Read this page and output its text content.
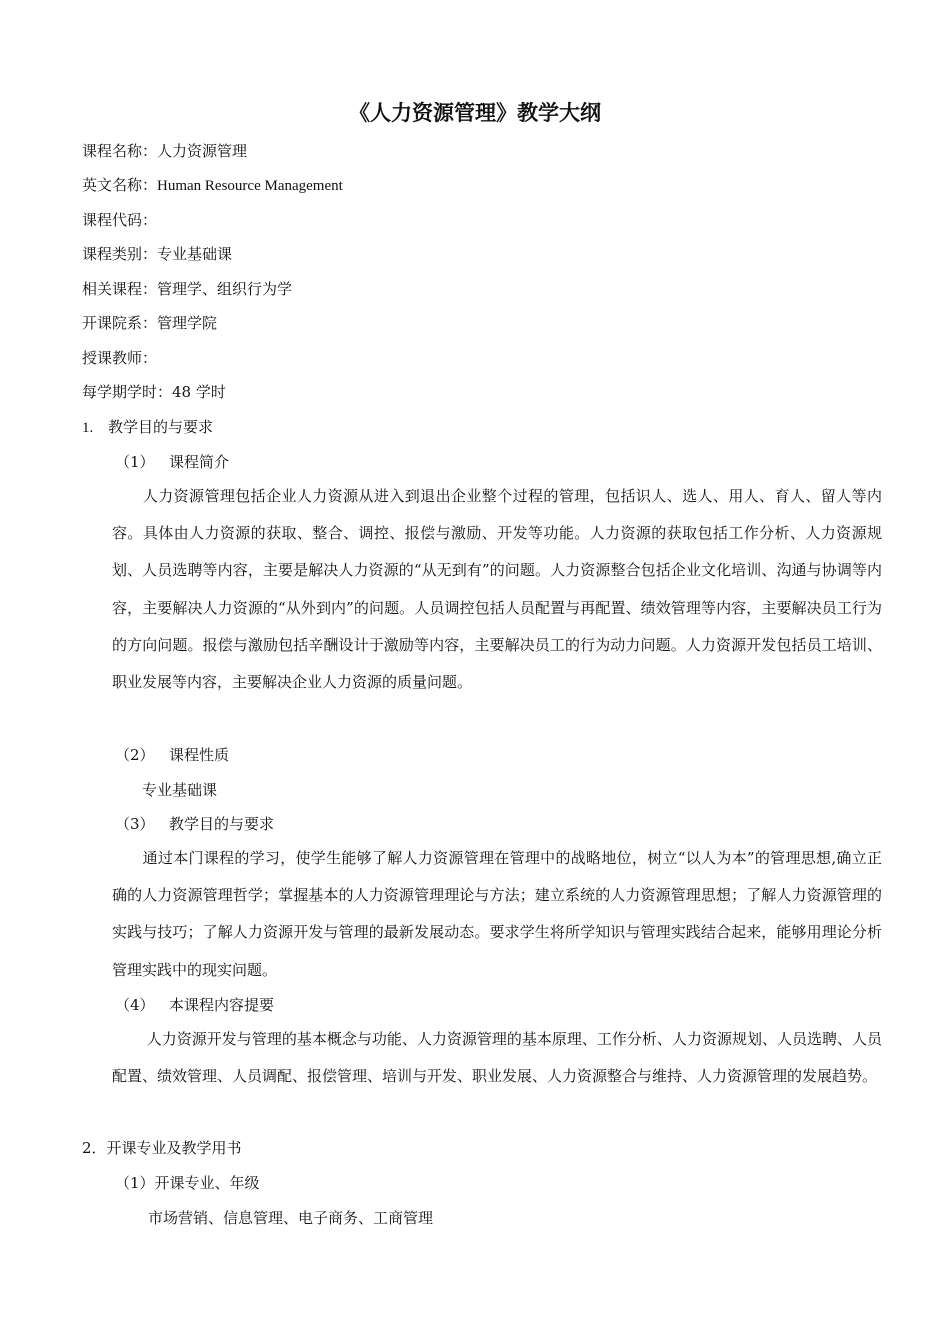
《人力资源管理》教学大纲
课程名称：人力资源管理
英文名称：Human Resource Management
课程代码：
课程类别：专业基础课
相关课程：管理学、组织行为学
开课院系：管理学院
授课教师：
每学期学时：48 学时
1. 教学目的与要求
（1） 课程简介

　　人力资源管理包括企业人力资源从进入到退出企业整个过程的管理，包括识人、选人、用人、育人、留人等内容。具体由人力资源的获取、整合、调控、报偿与激励、开发等功能。人力资源的获取包括工作分析、人力资源规划、人员选聘等内容，主要是解决人力资源的“从无到有”的问题。人力资源整合包括企业文化培训、沟通与协调等内容，主要解决人力资源的“从外到内”的问题。人员调控包括人员配置与再配置、绩效管理等内容，主要解决员工行为的方向问题。报偿与激励包括辛酬设计于激励等内容，主要解决员工的行为动力问题。人力资源开发包括员工培训、职业发展等内容，主要解决企业人力资源的质量问题。

（2） 课程性质
专业基础课
（3） 教学目的与要求

　　通过本门课程的学习，使学生能够了解人力资源管理在管理中的战略地位，树立“以人为本”的管理思想,确立正确的人力资源管理哲学；掌握基本的人力资源管理理论与方法；建立系统的人力资源管理思想；了解人力资源管理的实践与技巧；了解人力资源开发与管理的最新发展动态。要求学生将所学知识与管理实践结合起来，能够用理论分析管理实践中的现实问题。

（4） 本课程内容提要

　　 人力资源开发与管理的基本概念与功能、人力资源管理的基本原理、工作分析、人力资源规划、人员选聘、人员配置、绩效管理、人员调配、报偿管理、培训与开发、职业发展、人力资源整合与维持、人力资源管理的发展趋势。

2．开课专业及教学用书
（1）开课专业、年级
市场营销、信息管理、电子商务、工商管理
